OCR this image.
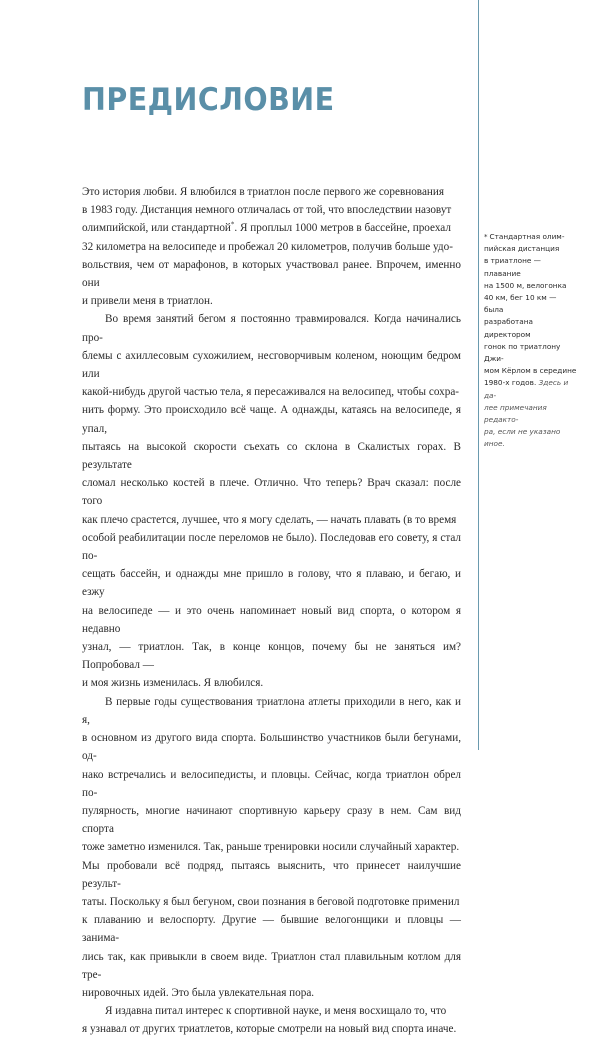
ПРЕДИСЛОВИЕ

Это история любви. Я влюбился в триатлон после первого же соревнования
в 1983 году. Дистанция немного отличалась от той, что впоследствии назовут
олимпийской, или стандартной*. Я проплыл 1000 метров в бассейне, проехал
32 километра на велосипеде и пробежал 20 километров, получив больше удо-
вольствия, чем от марафонов, в которых участвовал ранее. Впрочем, именно они
и привели меня в триатлон.

Во время занятий бегом я постоянно травмировался. Когда начинались про-
блемы с ахиллесовым сухожилием, несговорчивым коленом, ноющим бедром или
какой-нибудь другой частью тела, я пересаживался на велосипед, чтобы сохра-
нить форму. Это происходило всё чаще. А однажды, катаясь на велосипеде, я упал,
пытаясь на высокой скорости съехать со склона в Скалистых горах. В результате
сломал несколько костей в плече. Отлично. Что теперь? Врач сказал: после того
как плечо срастется, лучшее, что я могу сделать, — начать плавать (в то время
особой реабилитации после переломов не было). Последовав его совету, я стал по-
сещать бассейн, и однажды мне пришло в голову, что я плаваю, и бегаю, и езжу
на велосипеде — и это очень напоминает новый вид спорта, о котором я недавно
узнал, — триатлон. Так, в конце концов, почему бы не заняться им? Попробовал —
и моя жизнь изменилась. Я влюбился.

В первые годы существования триатлона атлеты приходили в него, как и я,
в основном из другого вида спорта. Большинство участников были бегунами, од-
нако встречались и велосипедисты, и пловцы. Сейчас, когда триатлон обрел по-
пулярность, многие начинают спортивную карьеру сразу в нем. Сам вид спорта
тоже заметно изменился. Так, раньше тренировки носили случайный характер.
Мы пробовали всё подряд, пытаясь выяснить, что принесет наилучшие результ-
таты. Поскольку я был бегуном, свои познания в беговой подготовке применил
к плаванию и велоспорту. Другие — бывшие велогонщики и пловцы — занима-
лись так, как привыкли в своем виде. Триатлон стал плавильным котлом для тре-
нировочных идей. Это была увлекательная пора.

Я издавна питал интерес к спортивной науке, и меня восхищало то, что
я узнавал от других триатлетов, которые смотрели на новый вид спорта иначе.

* Стандартная олим-
пийская дистанция
в триатлоне — плавание
на 1500 м, велогонка
40 км, бег 10 км — была
разработана директором
гонок по триатлону Джи-
мом Кёрлом в середине
1980-х годов. Здесь и да-
лее примечания редакто-
ра, если не указано иное.
